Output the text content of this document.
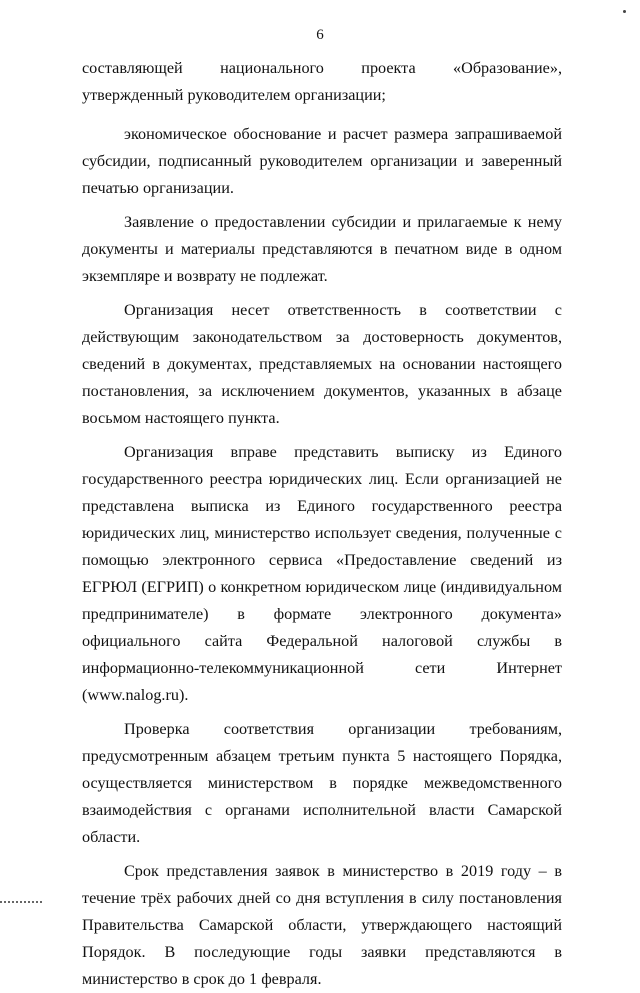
6

составляющей национального проекта «Образование», утвержденный руководителем организации;

экономическое обоснование и расчет размера запрашиваемой субсидии, подписанный руководителем организации и заверенный печатью организации.

Заявление о предоставлении субсидии и прилагаемые к нему документы и материалы представляются в печатном виде в одном экземпляре и возврату не подлежат.

Организация несет ответственность в соответствии с действующим законодательством за достоверность документов, сведений в документах, представляемых на основании настоящего постановления, за исключением документов, указанных в абзаце восьмом настоящего пункта.

Организация вправе представить выписку из Единого государственного реестра юридических лиц. Если организацией не представлена выписка из Единого государственного реестра юридических лиц, министерство использует сведения, полученные с помощью электронного сервиса «Предоставление сведений из ЕГРЮЛ (ЕГРИП) о конкретном юридическом лице (индивидуальном предпринимателе) в формате электронного документа» официального сайта Федеральной налоговой службы в информационно-телекоммуникационной сети Интернет (www.nalog.ru).

Проверка соответствия организации требованиям, предусмотренным абзацем третьим пункта 5 настоящего Порядка, осуществляется министерством в порядке межведомственного взаимодействия с органами исполнительной власти Самарской области.

Срок представления заявок в министерство в 2019 году – в течение трёх рабочих дней со дня вступления в силу постановления Правительства Самарской области, утверждающего настоящий Порядок. В последующие годы заявки представляются в министерство в срок до 1 февраля.
